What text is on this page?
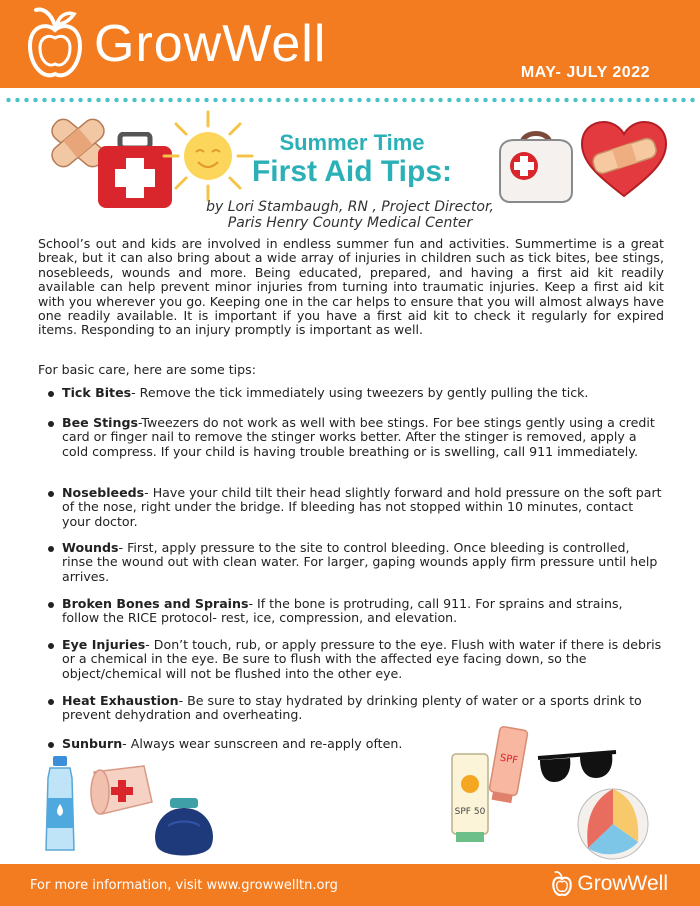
GrowWell	MAY- JULY 2022
Summer Time
First Aid Tips:
by Lori Stambaugh, RN , Project Director,
Paris Henry County Medical Center

School’s out and kids are involved in endless summer fun and activities. Summertime is a great break, but it can also bring about a wide array of injuries in children such as tick bites, bee stings, nosebleeds, wounds and more. Being educated, prepared, and having a first aid kit readily available can help prevent minor injuries from turning into traumatic injuries. Keep a first aid kit with you wherever you go. Keeping one in the car helps to ensure that you will almost always have one readily available. It is important if you have a first aid kit to check it regularly for expired items. Responding to an injury promptly is important as well.

For basic care, here are some tips:
Tick Bites- Remove the tick immediately using tweezers by gently pulling the tick.
Bee Stings-Tweezers do not work as well with bee stings. For bee stings gently using a credit card or finger nail to remove the stinger works better. After the stinger is removed, apply a cold compress. If your child is having trouble breathing or is swelling, call 911 immediately.
Nosebleeds- Have your child tilt their head slightly forward and hold pressure on the soft part of the nose, right under the bridge. If bleeding has not stopped within 10 minutes, contact your doctor.
Wounds- First, apply pressure to the site to control bleeding. Once bleeding is controlled, rinse the wound out with clean water. For larger, gaping wounds apply firm pressure until help arrives.
Broken Bones and Sprains- If the bone is protruding, call 911. For sprains and strains, follow the RICE protocol- rest, ice, compression, and elevation.
Eye Injuries- Don’t touch, rub, or apply pressure to the eye. Flush with water if there is debris or a chemical in the eye. Be sure to flush with the affected eye facing down, so the object/chemical will not be flushed into the other eye.
Heat Exhaustion- Be sure to stay hydrated by drinking plenty of water or a sports drink to prevent dehydration and overheating.
Sunburn- Always wear sunscreen and re-apply often.
SPF
SPF 50
For more information, visit www.growwelltn.org	GrowWell
